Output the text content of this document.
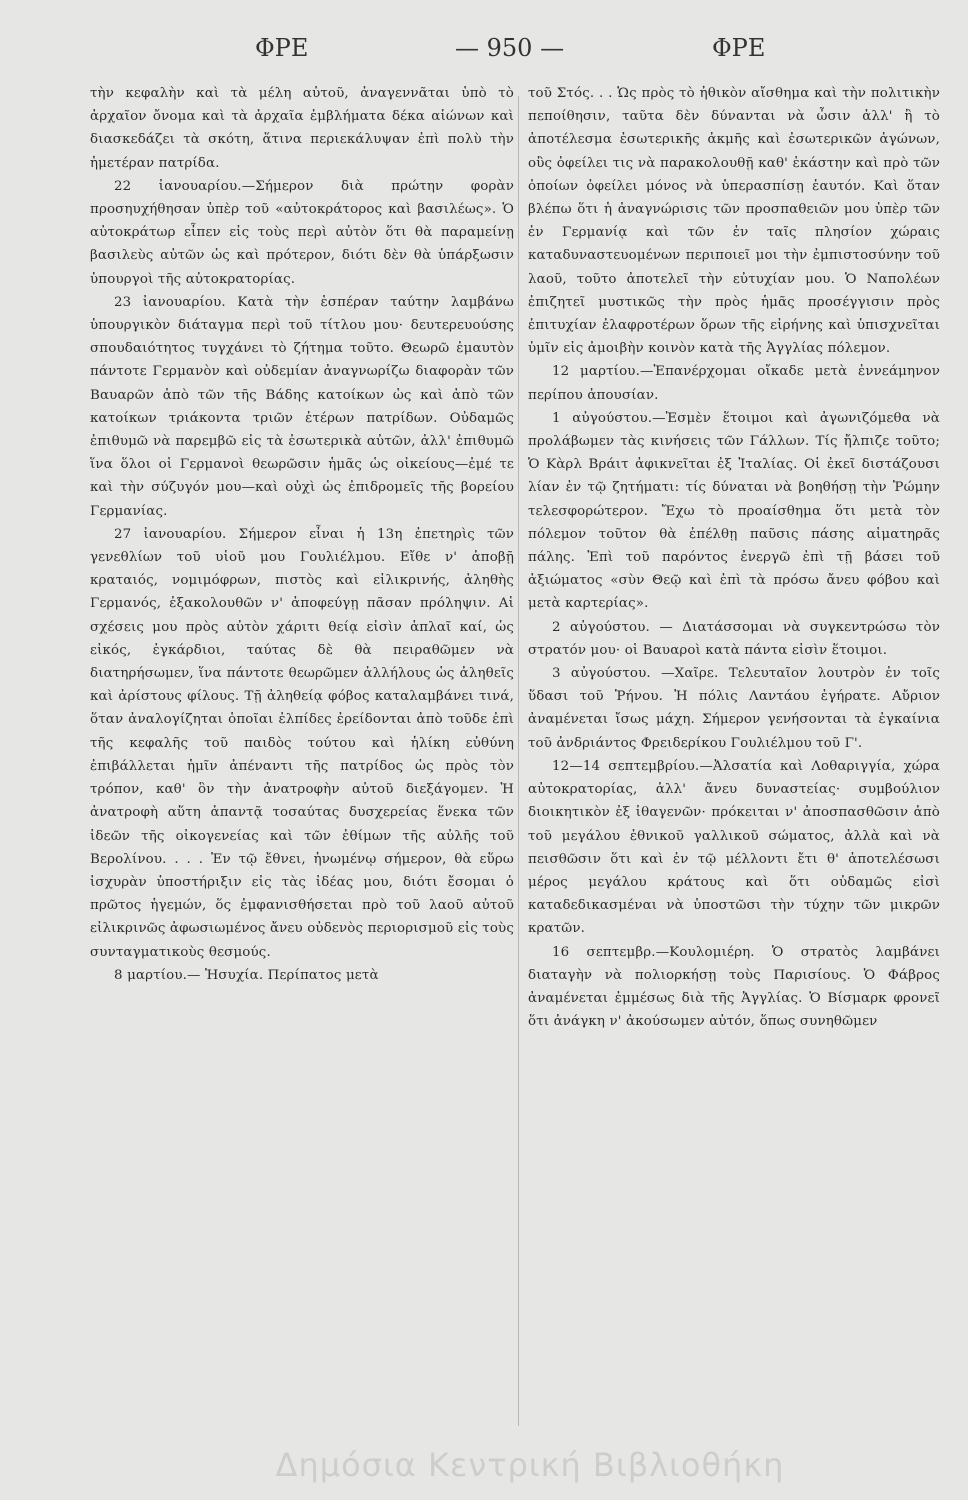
ΦΡΕ	— 950 —	ΦΡΕ

τὴν κεφαλὴν καὶ τὰ μέλη αὐτοῦ, ἀναγεννᾶται ὑπὸ τὸ ἀρχαῖον ὄνομα καὶ τὰ ἀρχαῖα ἐμβλήματα δέκα αἰώνων καὶ διασκεδάζει τὰ σκότη, ἅτινα περιεκάλυψαν ἐπὶ πολὺ τὴν ἡμετέραν πατρίδα.

22 ἰανουαρίου.—Σήμερον διὰ πρώτην φορὰν προσηυχήθησαν ὑπὲρ τοῦ «αὐτοκράτορος καὶ βασιλέως». Ὁ αὐτοκράτωρ εἶπεν εἰς τοὺς περὶ αὐτὸν ὅτι θὰ παραμείνῃ βασιλεὺς αὐτῶν ὡς καὶ πρότερον, διότι δὲν θὰ ὑπάρξωσιν ὑπουργοὶ τῆς αὐτοκρατορίας.

23 ἰανουαρίου. Κατὰ τὴν ἑσπέραν ταύτην λαμβάνω ὑπουργικὸν διάταγμα περὶ τοῦ τίτλου μου· δευτερευούσης σπουδαιότητος τυγχάνει τὸ ζήτημα τοῦτο. Θεωρῶ ἐμαυτὸν πάντοτε Γερμανὸν καὶ οὐδεμίαν ἀναγνωρίζω διαφορὰν τῶν Βαυαρῶν ἀπὸ τῶν τῆς Βάδης κατοίκων ὡς καὶ ἀπὸ τῶν κατοίκων τριάκοντα τριῶν ἑτέρων πατρίδων. Οὐδαμῶς ἐπιθυμῶ νὰ παρεμβῶ εἰς τὰ ἐσωτερικὰ αὐτῶν, ἀλλ' ἐπιθυμῶ ἵνα ὅλοι οἱ Γερμανοὶ θεωρῶσιν ἡμᾶς ὡς οἰκείους—ἐμέ τε καὶ τὴν σύζυγόν μου—καὶ οὐχὶ ὡς ἐπιδρομεῖς τῆς βορείου Γερμανίας.

27 ἰανουαρίου. Σήμερον εἶναι ἡ 13η ἐπετηρὶς τῶν γενεθλίων τοῦ υἱοῦ μου Γουλιέλμου. Εἴθε ν' ἀποβῇ κραταιός, νομιμόφρων, πιστὸς καὶ εἰλικρινής, ἀληθὴς Γερμανός, ἐξακολουθῶν ν' ἀποφεύγῃ πᾶσαν πρόληψιν. Αἱ σχέσεις μου πρὸς αὐτὸν χάριτι θείᾳ εἰσὶν ἁπλαῖ καί, ὡς εἰκός, ἐγκάρδιοι, ταύτας δὲ θὰ πειραθῶμεν νὰ διατηρήσωμεν, ἵνα πάντοτε θεωρῶμεν ἀλλήλους ὡς ἀληθεῖς καὶ ἀρίστους φίλους. Τῇ ἀληθείᾳ φόβος καταλαμβάνει τινά, ὅταν ἀναλογίζηται ὁποῖαι ἐλπίδες ἐρείδονται ἀπὸ τοῦδε ἐπὶ τῆς κεφαλῆς τοῦ παιδὸς τούτου καὶ ἡλίκη εὐθύνη ἐπιβάλλεται ἡμῖν ἀπέναντι τῆς πατρίδος ὡς πρὸς τὸν τρόπον, καθ' ὃν τὴν ἀνατροφὴν αὐτοῦ διεξάγομεν. Ἡ ἀνατροφὴ αὕτη ἀπαντᾷ τοσαύτας δυσχερείας ἕνεκα τῶν ἰδεῶν τῆς οἰκογενείας καὶ τῶν ἐθίμων τῆς αὐλῆς τοῦ Βερολίνου. . . . Ἐν τῷ ἔθνει, ἡνωμένῳ σήμερον, θὰ εὕρω ἰσχυρὰν ὑποστήριξιν εἰς τὰς ἰδέας μου, διότι ἔσομαι ὁ πρῶτος ἡγεμών, ὅς ἐμφανισθήσεται πρὸ τοῦ λαοῦ αὐτοῦ εἰλικρινῶς ἀφωσιωμένος ἄνευ οὐδενὸς περιορισμοῦ εἰς τοὺς συνταγματικοὺς θεσμούς.

8 μαρτίου.— Ἡσυχία. Περίπατος μετὰ

τοῦ Στός. . . Ὡς πρὸς τὸ ἠθικὸν αἴσθημα καὶ τὴν πολιτικὴν πεποίθησιν, ταῦτα δὲν δύνανται νὰ ὦσιν ἀλλ' ἢ τὸ ἀποτέλεσμα ἐσωτερικῆς ἀκμῆς καὶ ἐσωτερικῶν ἀγώνων, οὓς ὀφείλει τις νὰ παρακολουθῇ καθ' ἑκάστην καὶ πρὸ τῶν ὁποίων ὀφείλει μόνος νὰ ὑπερασπίσῃ ἑαυτόν. Καὶ ὅταν βλέπω ὅτι ἡ ἀναγνώρισις τῶν προσπαθειῶν μου ὑπὲρ τῶν ἐν Γερμανίᾳ καὶ τῶν ἐν ταῖς πλησίον χώραις καταδυναστευομένων περιποιεῖ μοι τὴν ἐμπιστοσύνην τοῦ λαοῦ, τοῦτο ἀποτελεῖ τὴν εὐτυχίαν μου. Ὁ Ναπολέων ἐπιζητεῖ μυστικῶς τὴν πρὸς ἡμᾶς προσέγγισιν πρὸς ἐπιτυχίαν ἐλαφροτέρων ὅρων τῆς εἰρήνης καὶ ὑπισχνεῖται ὑμῖν εἰς ἀμοιβὴν κοινὸν κατὰ τῆς Ἀγγλίας πόλεμον.

12 μαρτίου.—Ἐπανέρχομαι οἴκαδε μετὰ ἐννεάμηνον περίπου ἀπουσίαν.

1 αὐγούστου.—Ἐσμὲν ἕτοιμοι καὶ ἀγωνιζόμεθα νὰ προλάβωμεν τὰς κινήσεις τῶν Γάλλων. Τίς ἤλπιζε τοῦτο; Ὁ Κὰρλ Βράιτ ἀφικνεῖται ἐξ Ἰταλίας. Οἱ ἐκεῖ διστάζουσι λίαν ἐν τῷ ζητήματι: τίς δύναται νὰ βοηθήσῃ τὴν Ῥώμην τελεσφορώτερον. Ἔχω τὸ προαίσθημα ὅτι μετὰ τὸν πόλεμον τοῦτον θὰ ἐπέλθῃ παῦσις πάσης αἱματηρᾶς πάλης. Ἐπὶ τοῦ παρόντος ἐνεργῶ ἐπὶ τῇ βάσει τοῦ ἀξιώματος «σὺν Θεῷ καὶ ἐπὶ τὰ πρόσω ἄνευ φόβου καὶ μετὰ καρτερίας».

2 αὐγούστου. — Διατάσσομαι νὰ συγκεντρώσω τὸν στρατόν μου· οἱ Βαυαροὶ κατὰ πάντα εἰσὶν ἕτοιμοι.

3 αὐγούστου. —Χαῖρε. Τελευταῖον λουτρὸν ἐν τοῖς ὕδασι τοῦ Ῥήνου. Ἡ πόλις Λαντάου ἐγήρατε. Αὔριον ἀναμένεται ἴσως μάχη. Σήμερον γενήσονται τὰ ἐγκαίνια τοῦ ἀνδριάντος Φρειδερίκου Γουλιέλμου τοῦ Γ'.

12—14 σεπτεμβρίου.—Ἀλσατία καὶ Λοθαριγγία, χώρα αὐτοκρατορίας, ἀλλ' ἄνευ δυναστείας· συμβούλιον διοικητικὸν ἐξ ἰθαγενῶν· πρόκειται ν' ἀποσπασθῶσιν ἀπὸ τοῦ μεγάλου ἐθνικοῦ γαλλικοῦ σώματος, ἀλλὰ καὶ νὰ πεισθῶσιν ὅτι καὶ ἐν τῷ μέλλοντι ἔτι θ' ἀποτελέσωσι μέρος μεγάλου κράτους καὶ ὅτι οὐδαμῶς εἰσὶ καταδεδικασμέναι νὰ ὑποστῶσι τὴν τύχην τῶν μικρῶν κρατῶν.

16 σεπτεμβρ.—Κουλομιέρη. Ὁ στρατὸς λαμβάνει διαταγὴν νὰ πολιορκήσῃ τοὺς Παρισίους. Ὁ Φάβρος ἀναμένεται ἐμμέσως διὰ τῆς Ἀγγλίας. Ὁ Βίσμαρκ φρονεῖ ὅτι ἀνάγκη ν' ἀκούσωμεν αὐτόν, ὅπως συνηθῶμεν

Δημόσια Κεντρική Βιβλιοθήκη
